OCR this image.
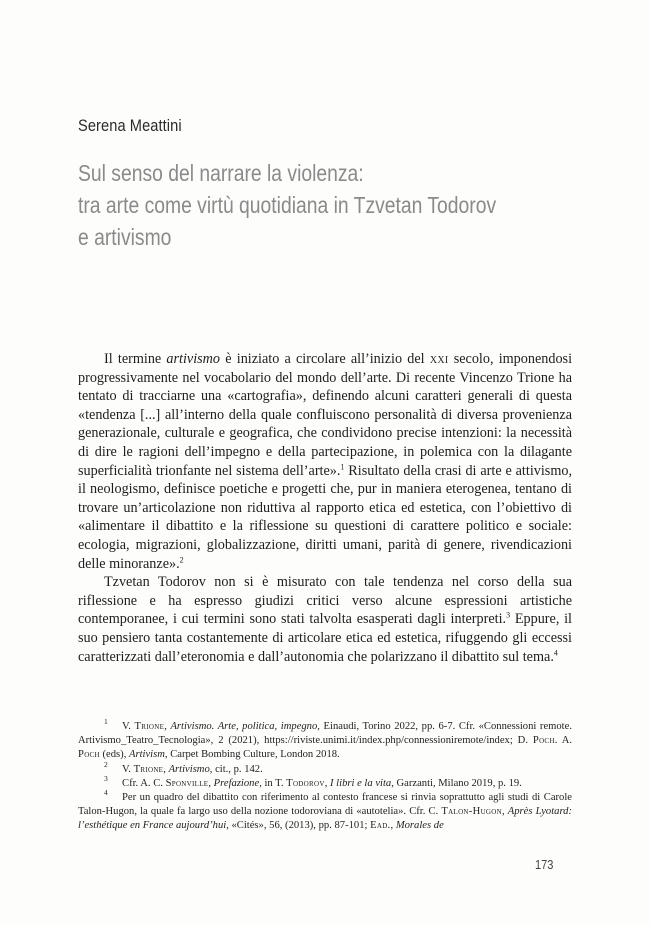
Serena Meattini
Sul senso del narrare la violenza:
tra arte come virtù quotidiana in Tzvetan Todorov
e artivismo

Il termine artivismo è iniziato a circolare all’inizio del xxi secolo, imponendosi progressivamente nel vocabolario del mondo dell’arte. Di recente Vincenzo Trione ha tentato di tracciarne una «cartografia», definendo alcuni caratteri generali di questa «tendenza [...] all’interno della quale confluiscono personalità di diversa provenienza generazionale, culturale e geografica, che condividono precise intenzioni: la necessità di dire le ragioni dell’impegno e della partecipazione, in polemica con la dilagante superficialità trionfante nel sistema dell’arte».$^1$ Risultato della crasi di arte e attivismo, il neologismo, definisce poetiche e progetti che, pur in maniera eterogenea, tentano di trovare un’articolazione non riduttiva al rapporto etica ed estetica, con l’obiettivo di «alimentare il dibattito e la riflessione su questioni di carattere politico e sociale: ecologia, migrazioni, globalizzazione, diritti umani, parità di genere, rivendicazioni delle minoranze».$^2$

Tzvetan Todorov non si è misurato con tale tendenza nel corso della sua riflessione e ha espresso giudizi critici verso alcune espressioni artistiche contemporanee, i cui termini sono stati talvolta esasperati dagli interpreti.$^3$ Eppure, il suo pensiero tanta costantemente di articolare etica ed estetica, rifuggendo gli eccessi caratterizzati dall’eteronomia e dall’autonomia che polarizzano il dibattito sul tema.$^4$

1 V. Trione, Artivismo. Arte, politica, impegno, Einaudi, Torino 2022, pp. 6-7. Cfr. «Connessioni remote. Artivismo_Teatro_Tecnologia», 2 (2021), https://riviste.unimi.it/index.php/connessioniremote/index; D. Poch. A. Poch (eds), Artivism, Carpet Bombing Culture, London 2018.

2 V. Trione, Artivismo, cit., p. 142.

3 Cfr. A. C. Sponville, Prefazione, in T. Todorov, I libri e la vita, Garzanti, Milano 2019, p. 19.

4 Per un quadro del dibattito con riferimento al contesto francese si rinvia soprattutto agli studi di Carole Talon-Hugon, la quale fa largo uso della nozione todoroviana di «autotelia». Cfr. C. Talon-Hugon, Après Lyotard: l’esthétique en France aujourd’hui, «Cités», 56, (2013), pp. 87-101; Ead., Morales de

173
